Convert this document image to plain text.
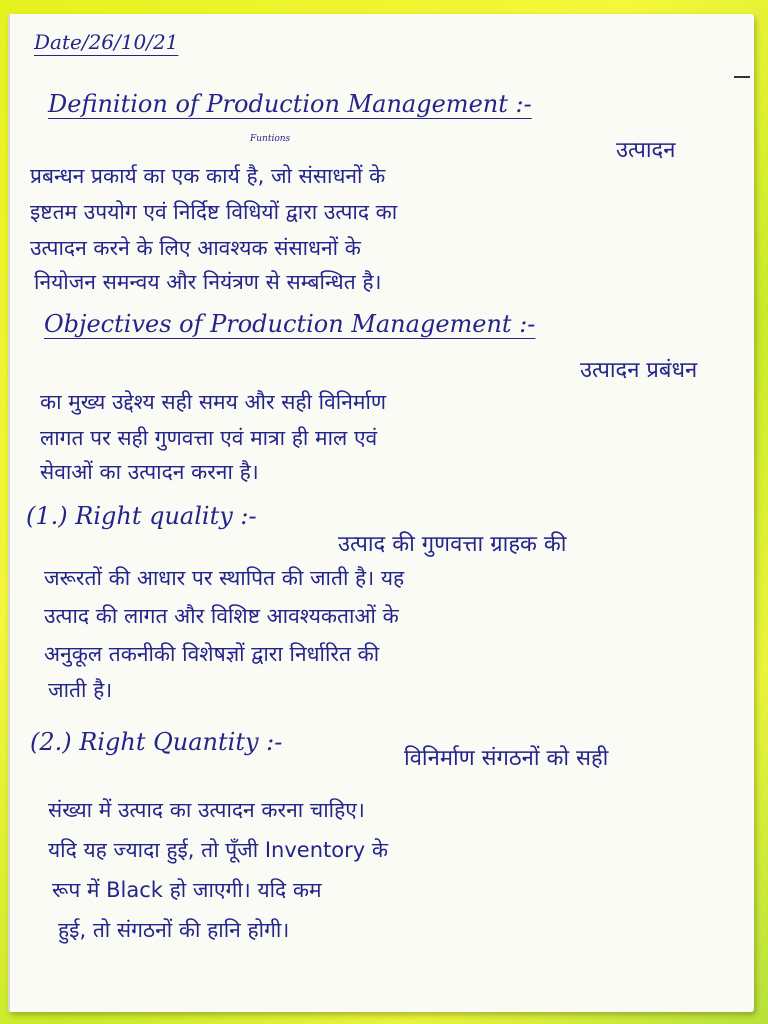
Date/26/10/21
Definition of Production Management :-
Funtions	उत्पादन
प्रबन्धन प्रकार्य का एक कार्य है, जो संसाधनों के
इष्टतम उपयोग एवं निर्दिष्ट विधियों द्वारा उत्पाद का
उत्पादन करने के लिए आवश्यक संसाधनों के
नियोजन समन्वय और नियंत्रण से सम्बन्धित है।
Objectives of Production Management :-
उत्पादन प्रबंधन
का मुख्य उद्देश्य सही समय और सही विनिर्माण
लागत पर सही गुणवत्ता एवं मात्रा ही माल एवं
सेवाओं का उत्पादन करना है।
(1.) Right quality :-
उत्पाद की गुणवत्ता ग्राहक की
जरूरतों की आधार पर स्थापित की जाती है। यह
उत्पाद की लागत और विशिष्ट आवश्यकताओं के
अनुकूल तकनीकी विशेषज्ञों द्वारा निर्धारित की
जाती है।
(2.) Right Quantity :-
विनिर्माण संगठनों को सही
संख्या में उत्पाद का उत्पादन करना चाहिए।
यदि यह ज्यादा हुई, तो पूँजी Inventory के
रूप में Black हो जाएगी। यदि कम
हुई, तो संगठनों की हानि होगी।
